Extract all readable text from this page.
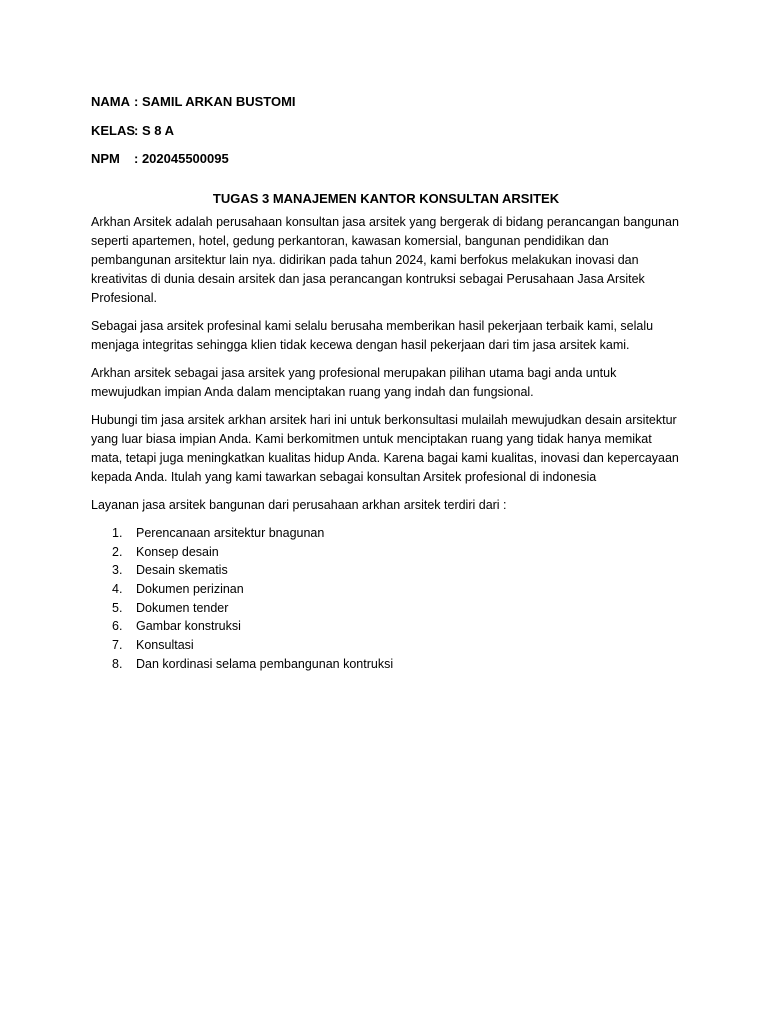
NAMA : SAMIL ARKAN BUSTOMI
KELAS
: S 8 A
NPM	: 202045500095
TUGAS 3 MANAJEMEN KANTOR KONSULTAN ARSITEK

Arkhan Arsitek adalah perusahaan konsultan jasa arsitek yang bergerak di bidang perancangan bangunan seperti apartemen, hotel, gedung perkantoran, kawasan komersial, bangunan pendidikan dan pembangunan arsitektur lain nya. didirikan pada tahun 2024, kami berfokus melakukan inovasi dan kreativitas di dunia desain arsitek dan jasa perancangan kontruksi sebagai Perusahaan Jasa Arsitek Profesional.

Sebagai jasa arsitek profesinal kami selalu berusaha memberikan hasil pekerjaan terbaik kami, selalu menjaga integritas sehingga klien tidak kecewa dengan hasil pekerjaan dari tim jasa arsitek kami.

Arkhan arsitek sebagai jasa arsitek yang profesional merupakan pilihan utama bagi anda untuk mewujudkan impian Anda dalam menciptakan ruang yang indah dan fungsional.

Hubungi tim jasa arsitek arkhan arsitek hari ini untuk berkonsultasi mulailah mewujudkan desain arsitektur yang luar biasa impian Anda. Kami berkomitmen untuk menciptakan ruang yang tidak hanya memikat mata, tetapi juga meningkatkan kualitas hidup Anda. Karena bagai kami kualitas, inovasi dan kepercayaan kepada Anda. Itulah yang kami tawarkan sebagai konsultan Arsitek profesional di indonesia

Layanan jasa arsitek bangunan dari perusahaan arkhan arsitek terdiri dari :

1.	Perencanaan arsitektur bnagunan
2.	Konsep desain
3.	Desain skematis
4.	Dokumen perizinan
5.	Dokumen tender
6.	Gambar konstruksi
7.	Konsultasi
8.	Dan kordinasi selama pembangunan kontruksi
